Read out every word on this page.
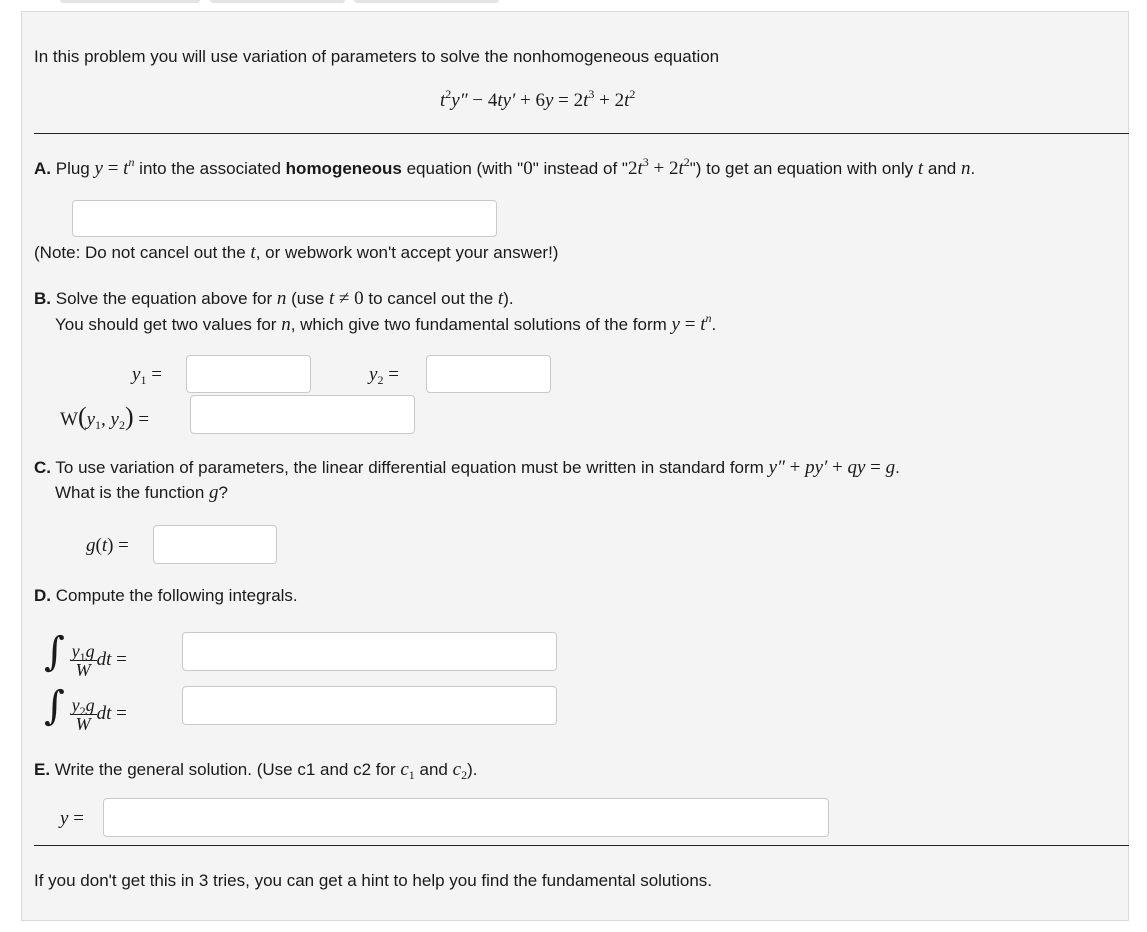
In this problem you will use variation of parameters to solve the nonhomogeneous equation
$t^2y'' - 4ty' + 6y = 2t^3 + 2t^2$
A. Plug $y = t^n$ into the associated homogeneous equation (with "0" instead of "$2t^3$ + $2t^2$") to get an equation with only t and n.
(Note: Do not cancel out the t, or webwork won't accept your answer!)
B. Solve the equation above for n (use t ≠ 0 to cancel out the t).
You should get two values for n, which give two fundamental solutions of the form $y = t^n$.
$y_1$ =	$y_2$ =
$W(y_1$, $y_2$) =
C. To use variation of parameters, the linear differential equation must be written in standard form y″ + py′ + qy = g.
What is the function g?
g(t) =
D. Compute the following integrals.
∫ $\frac{y_1g}{W}$ dt =
∫ $\frac{y_2g}{W}$ dt =
E. Write the general solution. (Use c1 and c2 for $c_1$ and $c_2$).
y =
If you don't get this in 3 tries, you can get a hint to help you find the fundamental solutions.
